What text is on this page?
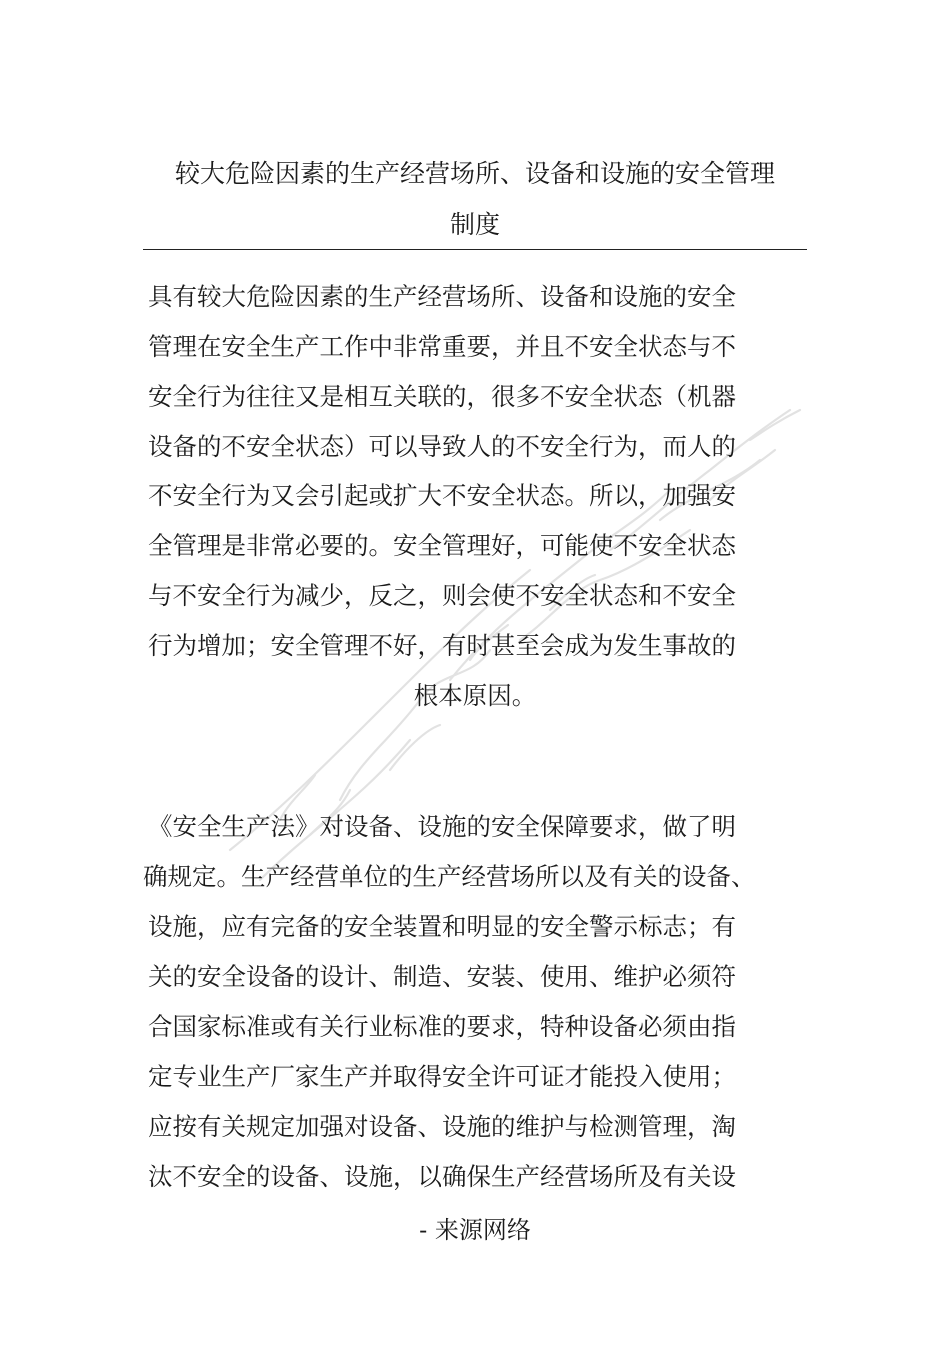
较大危险因素的生产经营场所、设备和设施的安全管理
制度
具有较大危险因素的生产经营场所、设备和设施的安全
管理在安全生产工作中非常重要，并且不安全状态与不
安全行为往往又是相互关联的，很多不安全状态（机器
设备的不安全状态）可以导致人的不安全行为，而人的
不安全行为又会引起或扩大不安全状态。所以，加强安
全管理是非常必要的。安全管理好，可能使不安全状态
与不安全行为减少，反之，则会使不安全状态和不安全
行为增加；安全管理不好，有时甚至会成为发生事故的
根本原因。
《安全生产法》对设备、设施的安全保障要求，做了明
确规定。生产经营单位的生产经营场所以及有关的设备、
设施，应有完备的安全装置和明显的安全警示标志；有
关的安全设备的设计、制造、安装、使用、维护必须符
合国家标准或有关行业标准的要求，特种设备必须由指
定专业生产厂家生产并取得安全许可证才能投入使用；
应按有关规定加强对设备、设施的维护与检测管理，淘
汰不安全的设备、设施，以确保生产经营场所及有关设
- 来源网络
